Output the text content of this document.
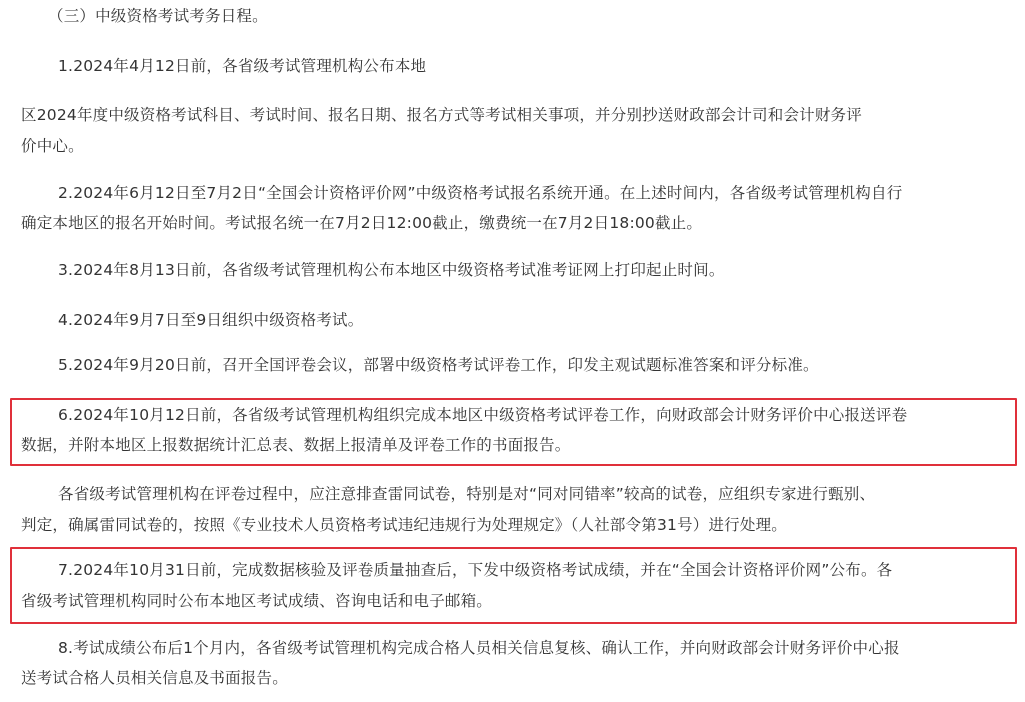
（三）中级资格考试考务日程。
1.2024年4月12日前，各省级考试管理机构公布本地
区2024年度中级资格考试科目、考试时间、报名日期、报名方式等考试相关事项，并分别抄送财政部会计司和会计财务评
价中心。
2.2024年6月12日至7月2日“全国会计资格评价网”中级资格考试报名系统开通。在上述时间内，各省级考试管理机构自行
确定本地区的报名开始时间。考试报名统一在7月2日12:00截止，缴费统一在7月2日18:00截止。
3.2024年8月13日前，各省级考试管理机构公布本地区中级资格考试准考证网上打印起止时间。
4.2024年9月7日至9日组织中级资格考试。
5.2024年9月20日前，召开全国评卷会议，部署中级资格考试评卷工作，印发主观试题标准答案和评分标准。
6.2024年10月12日前，各省级考试管理机构组织完成本地区中级资格考试评卷工作，向财政部会计财务评价中心报送评卷
数据，并附本地区上报数据统计汇总表、数据上报清单及评卷工作的书面报告。
各省级考试管理机构在评卷过程中，应注意排查雷同试卷，特别是对“同对同错率”较高的试卷，应组织专家进行甄别、
判定，确属雷同试卷的，按照《专业技术人员资格考试违纪违规行为处理规定》（人社部令第31号）进行处理。
7.2024年10月31日前，完成数据核验及评卷质量抽查后，下发中级资格考试成绩，并在“全国会计资格评价网”公布。各
省级考试管理机构同时公布本地区考试成绩、咨询电话和电子邮箱。
8.考试成绩公布后1个月内，各省级考试管理机构完成合格人员相关信息复核、确认工作，并向财政部会计财务评价中心报
送考试合格人员相关信息及书面报告。
